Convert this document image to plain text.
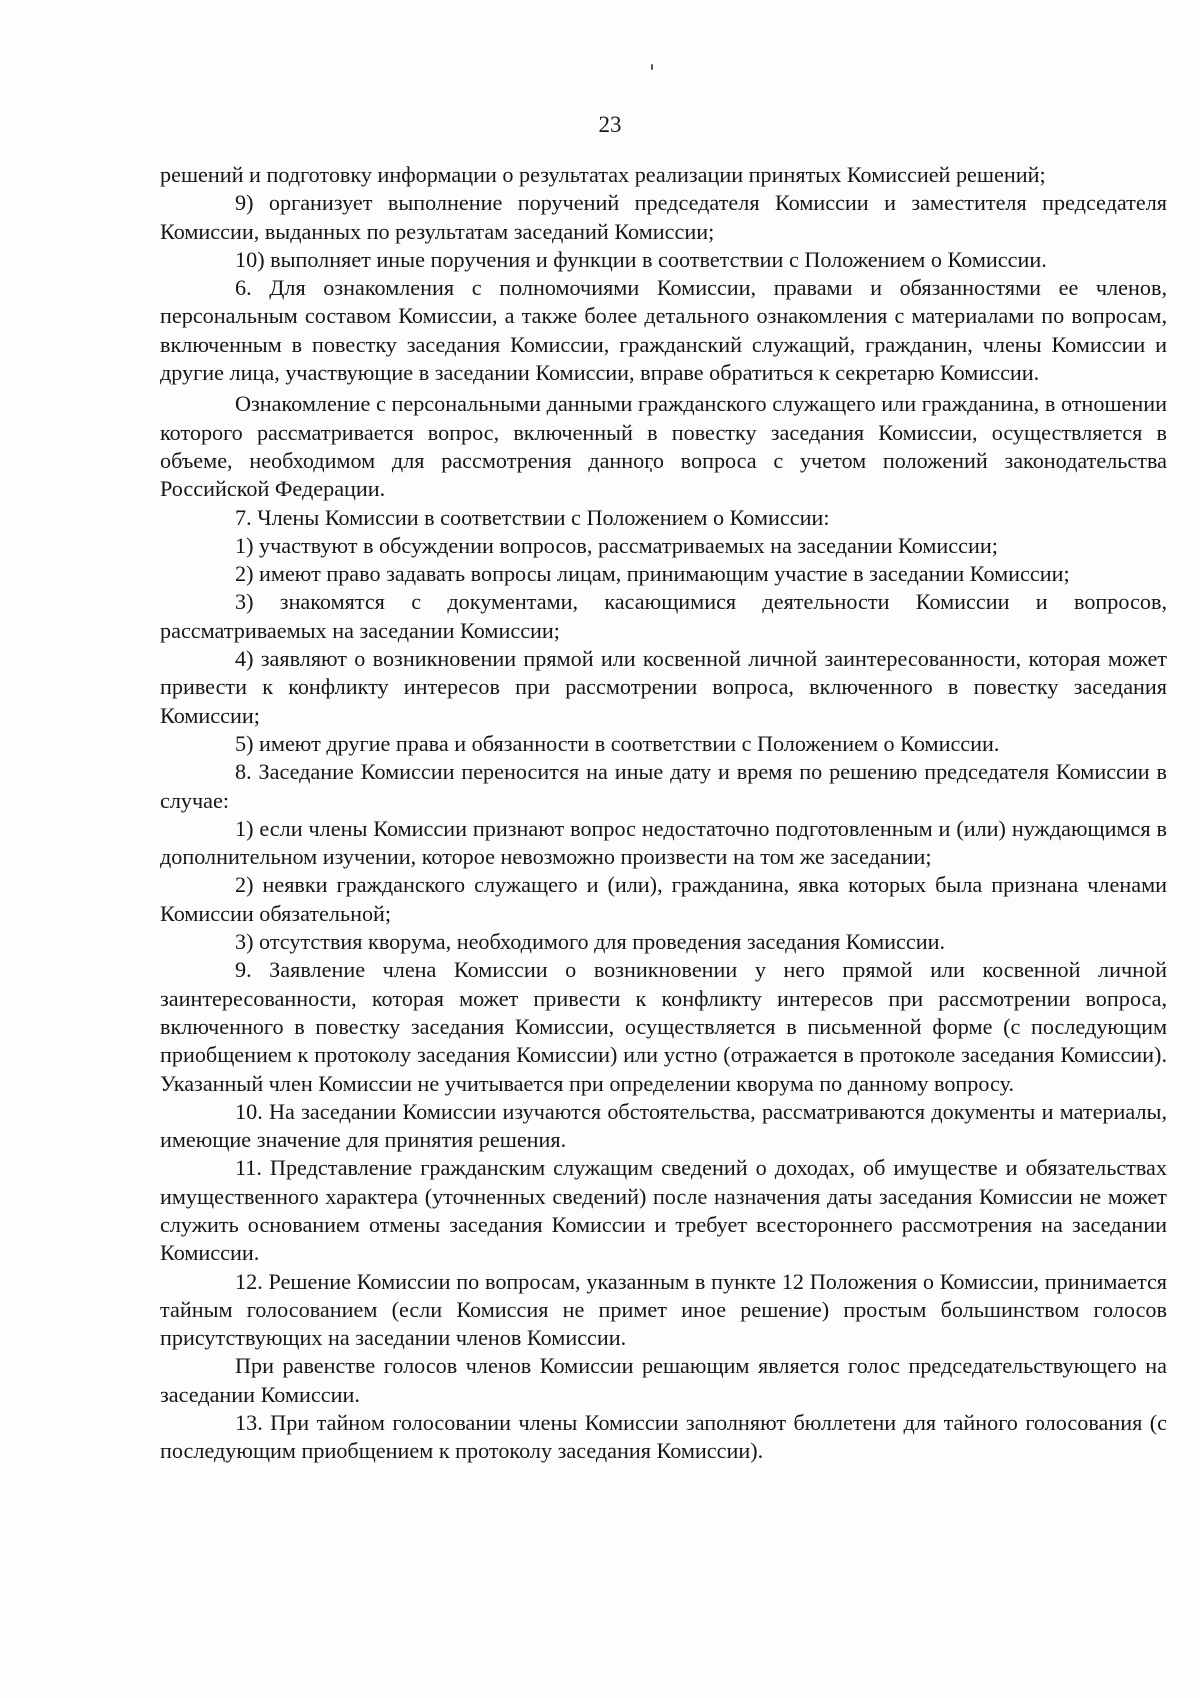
23

решений и подготовку информации о результатах реализации принятых Комиссией решений;

9) организует выполнение поручений председателя Комиссии и заместителя председателя Комиссии, выданных по результатам заседаний Комиссии;

10) выполняет иные поручения и функции в соответствии с Положением о Комиссии.

6. Для ознакомления с полномочиями Комиссии, правами и обязанностями ее членов, персональным составом Комиссии, а также более детального ознакомления с материалами по вопросам, включенным в повестку заседания Комиссии, гражданский служащий, гражданин, члены Комиссии и другие лица, участвующие в заседании Комиссии, вправе обратиться к секретарю Комиссии.

Ознакомление с персональными данными гражданского служащего или гражданина, в отношении которого рассматривается вопрос, включенный в повестку заседания Комиссии, осуществляется в объеме, необходимом для рассмотрения данного вопроса с учетом положений законодательства Российской Федерации.

7. Члены Комиссии в соответствии с Положением о Комиссии:

1) участвуют в обсуждении вопросов, рассматриваемых на заседании Комиссии;

2) имеют право задавать вопросы лицам, принимающим участие в заседании Комиссии;

3) знакомятся с документами, касающимися деятельности Комиссии и вопросов, рассматриваемых на заседании Комиссии;

4) заявляют о возникновении прямой или косвенной личной заинтересованности, которая может привести к конфликту интересов при рассмотрении вопроса, включенного в повестку заседания Комиссии;

5) имеют другие права и обязанности в соответствии с Положением о Комиссии.

8. Заседание Комиссии переносится на иные дату и время по решению председателя Комиссии в случае:

1) если члены Комиссии признают вопрос недостаточно подготовленным и (или) нуждающимся в дополнительном изучении, которое невозможно произвести на том же заседании;

2) неявки гражданского служащего и (или), гражданина, явка которых была признана членами Комиссии обязательной;

3) отсутствия кворума, необходимого для проведения заседания Комиссии.

9. Заявление члена Комиссии о возникновении у него прямой или косвенной личной заинтересованности, которая может привести к конфликту интересов при рассмотрении вопроса, включенного в повестку заседания Комиссии, осуществляется в письменной форме (с последующим приобщением к протоколу заседания Комиссии) или устно (отражается в протоколе заседания Комиссии). Указанный член Комиссии не учитывается при определении кворума по данному вопросу.

10. На заседании Комиссии изучаются обстоятельства, рассматриваются документы и материалы, имеющие значение для принятия решения.

11. Представление гражданским служащим сведений о доходах, об имуществе и обязательствах имущественного характера (уточненных сведений) после назначения даты заседания Комиссии не может служить основанием отмены заседания Комиссии и требует всестороннего рассмотрения на заседании Комиссии.

12. Решение Комиссии по вопросам, указанным в пункте 12 Положения о Комиссии, принимается тайным голосованием (если Комиссия не примет иное решение) простым большинством голосов присутствующих на заседании членов Комиссии.

При равенстве голосов членов Комиссии решающим является голос председательствующего на заседании Комиссии.

13. При тайном голосовании члены Комиссии заполняют бюллетени для тайного голосования (с последующим приобщением к протоколу заседания Комиссии).
